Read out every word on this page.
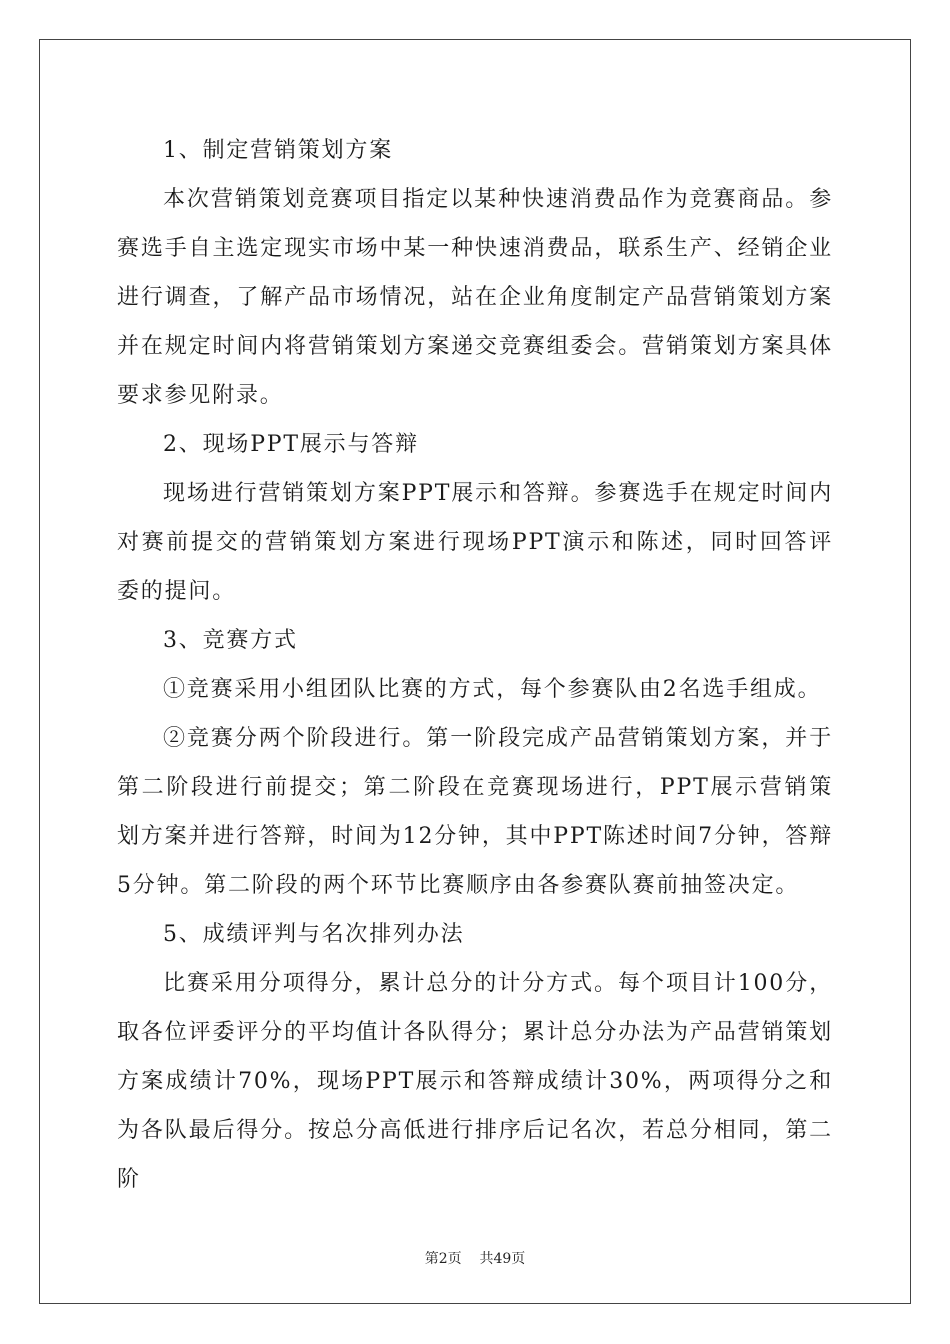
1、制定营销策划方案

本次营销策划竞赛项目指定以某种快速消费品作为竞赛商品。参赛选手自主选定现实市场中某一种快速消费品，联系生产、经销企业进行调查，了解产品市场情况，站在企业角度制定产品营销策划方案并在规定时间内将营销策划方案递交竞赛组委会。营销策划方案具体要求参见附录。

2、现场PPT展示与答辩

现场进行营销策划方案PPT展示和答辩。参赛选手在规定时间内对赛前提交的营销策划方案进行现场PPT演示和陈述，同时回答评委的提问。

3、竞赛方式

①竞赛采用小组团队比赛的方式，每个参赛队由2名选手组成。

②竞赛分两个阶段进行。第一阶段完成产品营销策划方案，并于第二阶段进行前提交；第二阶段在竞赛现场进行，PPT展示营销策划方案并进行答辩，时间为12分钟，其中PPT陈述时间7分钟，答辩5分钟。第二阶段的两个环节比赛顺序由各参赛队赛前抽签决定。

5、成绩评判与名次排列办法

比赛采用分项得分，累计总分的计分方式。每个项目计100分，取各位评委评分的平均值计各队得分；累计总分办法为产品营销策划方案成绩计70%，现场PPT展示和答辩成绩计30%，两项得分之和为各队最后得分。按总分高低进行排序后记名次，若总分相同，第二阶

第2页 共49页
